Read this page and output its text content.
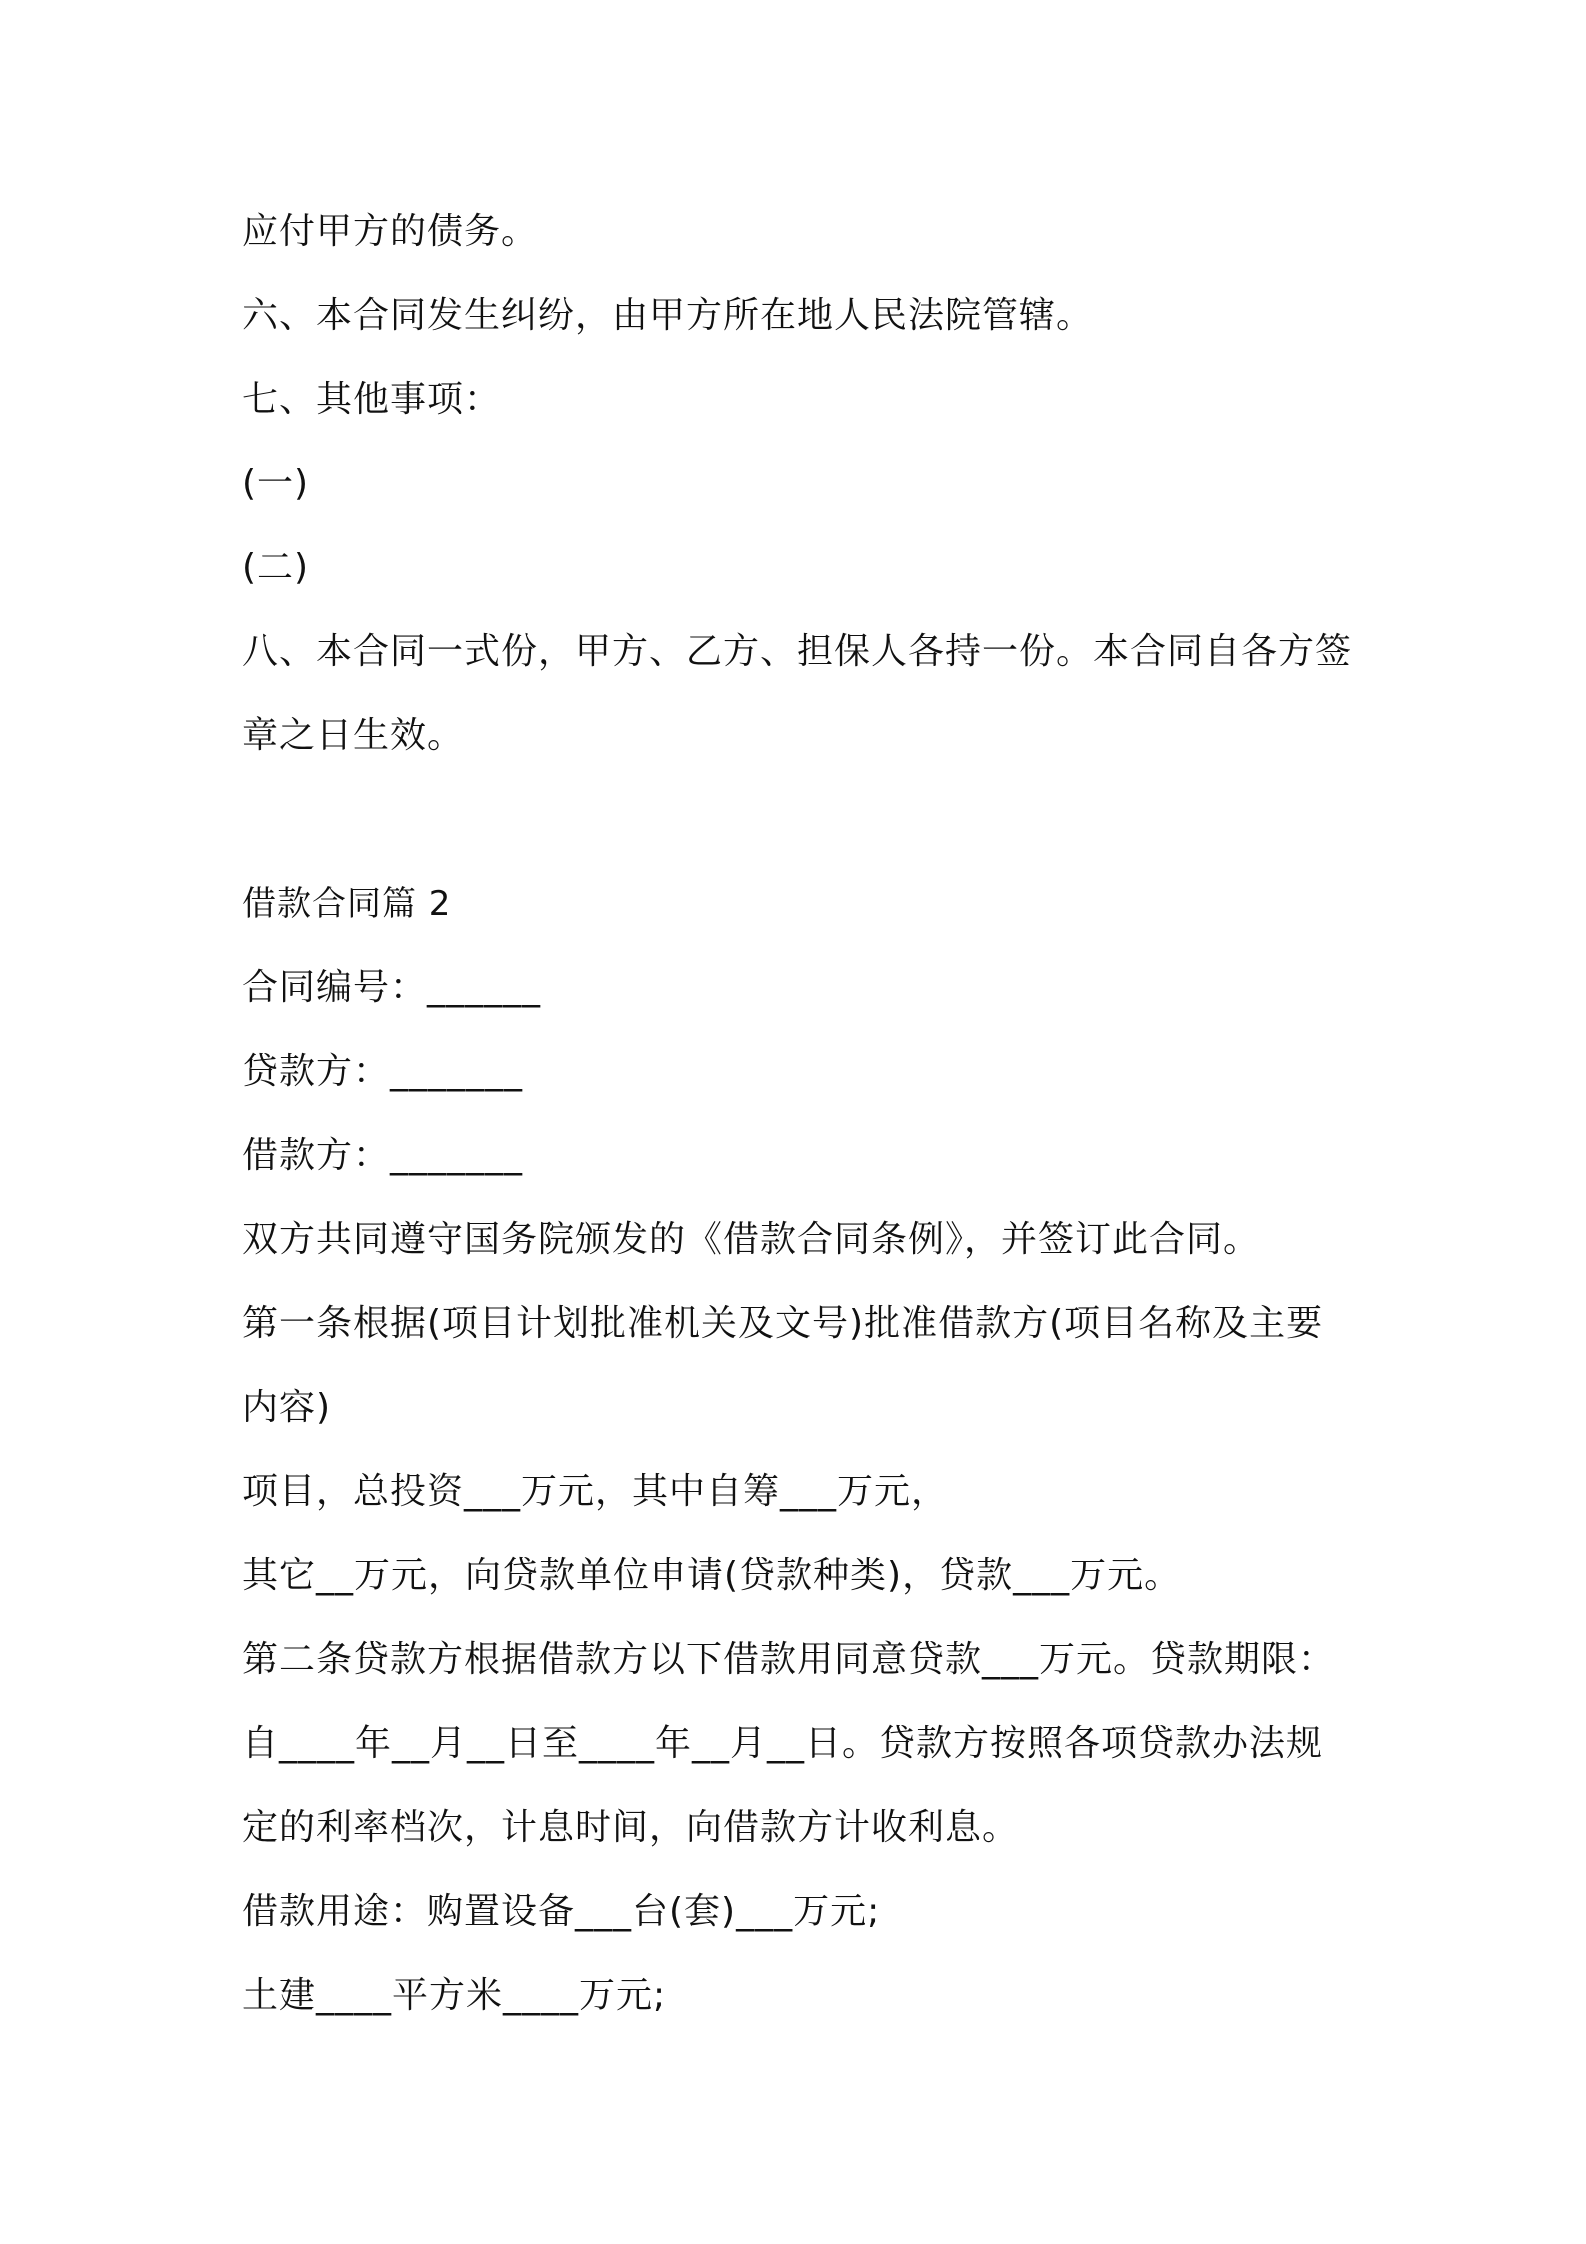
应付甲方的债务。
六、本合同发生纠纷，由甲方所在地人民法院管辖。
七、其他事项：
(一)
(二)
八、本合同一式份，甲方、乙方、担保人各持一份。本合同自各方签
章之日生效。
借款合同篇 2
合同编号：______
贷款方：_______
借款方：_______
双方共同遵守国务院颁发的《借款合同条例》，并签订此合同。
第一条根据(项目计划批准机关及文号)批准借款方(项目名称及主要
内容)
项目，总投资___万元，其中自筹___万元，
其它__万元，向贷款单位申请(贷款种类)，贷款___万元。
第二条贷款方根据借款方以下借款用同意贷款___万元。贷款期限：
自____年__月__日至____年__月__日。贷款方按照各项贷款办法规
定的利率档次，计息时间，向借款方计收利息。
借款用途：购置设备___台(套)___万元;
土建____平方米____万元;
